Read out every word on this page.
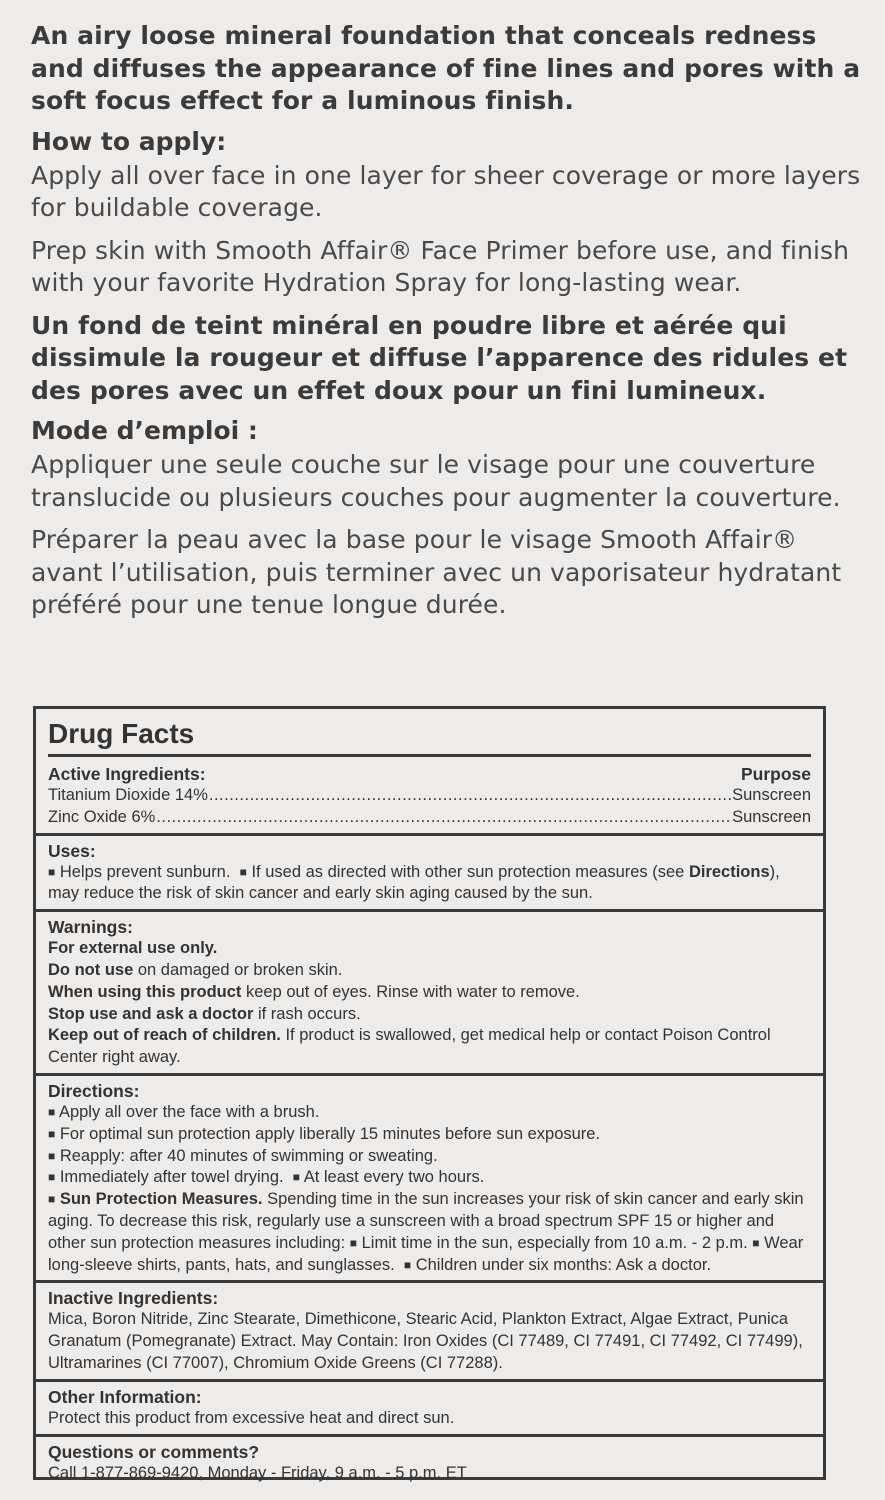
An airy loose mineral foundation that conceals redness and diffuses the appearance of fine lines and pores with a soft focus effect for a luminous finish.

How to apply:

Apply all over face in one layer for sheer coverage or more layers for buildable coverage.

Prep skin with Smooth Affair® Face Primer before use, and finish with your favorite Hydration Spray for long-lasting wear.

Un fond de teint minéral en poudre libre et aérée qui dissimule la rougeur et diffuse l’apparence des ridules et des pores avec un effet doux pour un fini lumineux.

Mode d’emploi :

Appliquer une seule couche sur le visage pour une couverture translucide ou plusieurs couches pour augmenter la couverture.

Préparer la peau avec la base pour le visage Smooth Affair® avant l’utilisation, puis terminer avec un vaporisateur hydratant préféré pour une tenue longue durée.

Drug Facts

Active Ingredients:	Purpose
Titanium Dioxide 14% .....	Sunscreen
Zinc Oxide 6% .....	Sunscreen
Uses:

■ Helps prevent sunburn. ■ If used as directed with other sun protection measures (see Directions), may reduce the risk of skin cancer and early skin aging caused by the sun.

Warnings:

For external use only.

Do not use on damaged or broken skin.

When using this product keep out of eyes. Rinse with water to remove.

Stop use and ask a doctor if rash occurs.

Keep out of reach of children. If product is swallowed, get medical help or contact Poison Control Center right away.

Directions:

■ Apply all over the face with a brush.

■ For optimal sun protection apply liberally 15 minutes before sun exposure.

■ Reapply: after 40 minutes of swimming or sweating.

■ Immediately after towel drying. ■ At least every two hours.

■ Sun Protection Measures. Spending time in the sun increases your risk of skin cancer and early skin aging. To decrease this risk, regularly use a sunscreen with a broad spectrum SPF 15 or higher and other sun protection measures including: ■ Limit time in the sun, especially from 10 a.m. - 2 p.m. ■ Wear long-sleeve shirts, pants, hats, and sunglasses. ■ Children under six months: Ask a doctor.

Inactive Ingredients:

Mica, Boron Nitride, Zinc Stearate, Dimethicone, Stearic Acid, Plankton Extract, Algae Extract, Punica Granatum (Pomegranate) Extract. May Contain: Iron Oxides (CI 77489, CI 77491, CI 77492, CI 77499), Ultramarines (CI 77007), Chromium Oxide Greens (CI 77288).

Other Information:

Protect this product from excessive heat and direct sun.

Questions or comments?

Call 1-877-869-9420, Monday - Friday, 9 a.m. - 5 p.m. ET
